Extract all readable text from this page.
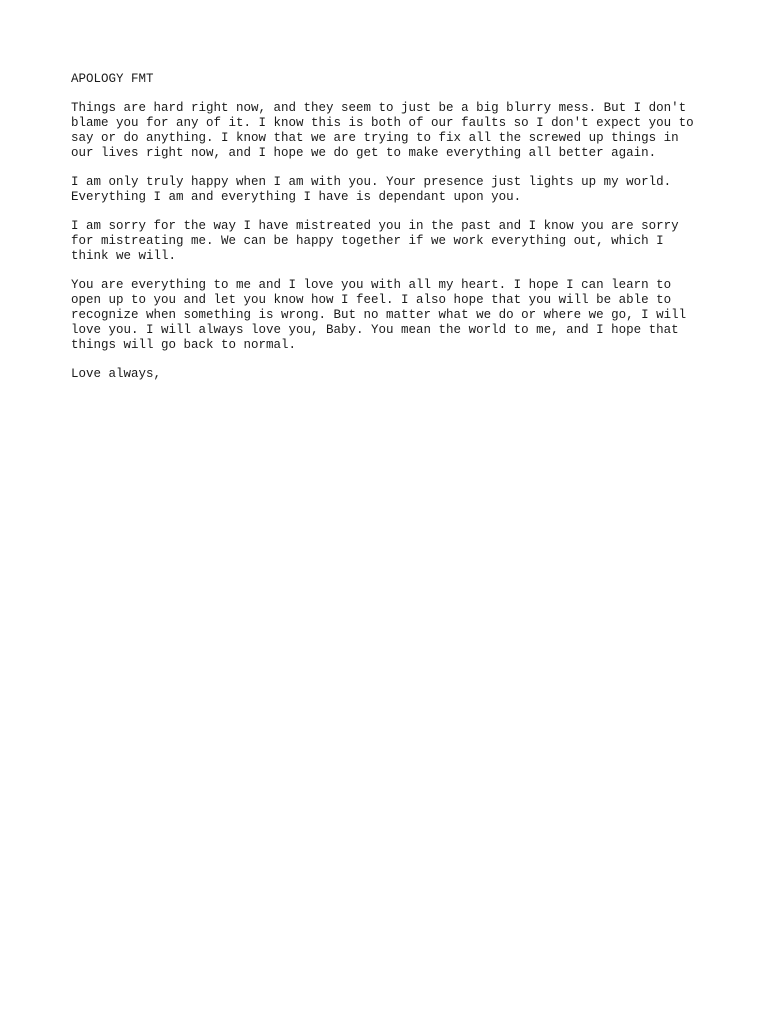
APOLOGY FMT
Things are hard right now, and they seem to just be a big blurry mess. But I don't
blame you for any of it. I know this is both of our faults so I don't expect you to
say or do anything. I know that we are trying to fix all the screwed up things in
our lives right now, and I hope we do get to make everything all better again.
I am only truly happy when I am with you. Your presence just lights up my world.
Everything I am and everything I have is dependant upon you.
I am sorry for the way I have mistreated you in the past and I know you are sorry
for mistreating me. We can be happy together if we work everything out, which I
think we will.
You are everything to me and I love you with all my heart. I hope I can learn to
open up to you and let you know how I feel. I also hope that you will be able to
recognize when something is wrong. But no matter what we do or where we go, I will
love you. I will always love you, Baby. You mean the world to me, and I hope that
things will go back to normal.
Love always,
